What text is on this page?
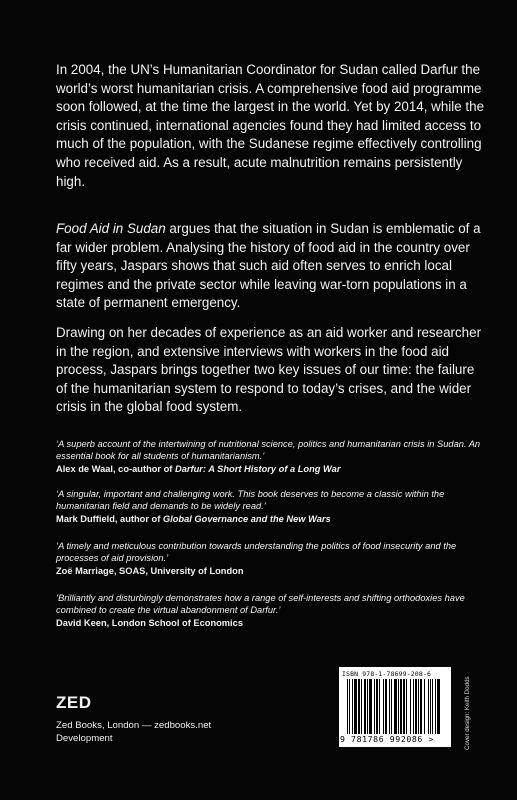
In 2004, the UN’s Humanitarian Coordinator for Sudan called Darfur the world’s worst humanitarian crisis. A comprehensive food aid programme soon followed, at the time the largest in the world. Yet by 2014, while the crisis continued, international agencies found they had limited access to much of the population, with the Sudanese regime effectively controlling who received aid. As a result, acute malnutrition remains persistently high.

Food Aid in Sudan argues that the situation in Sudan is emblematic of a far wider problem. Analysing the history of food aid in the country over fifty years, Jaspars shows that such aid often serves to enrich local regimes and the private sector while leaving war-torn populations in a state of permanent emergency.

Drawing on her decades of experience as an aid worker and researcher in the region, and extensive interviews with workers in the food aid process, Jaspars brings together two key issues of our time: the failure of the humanitarian system to respond to today’s crises, and the wider crisis in the global food system.

‘A superb account of the intertwining of nutritional science, politics and humanitarian crisis in Sudan. An essential book for all students of humanitarianism.’
Alex de Waal, co-author of Darfur: A Short History of a Long War
‘A singular, important and challenging work. This book deserves to become a classic within the humanitarian field and demands to be widely read.’
Mark Duffield, author of Global Governance and the New Wars
‘A timely and meticulous contribution towards understanding the politics of food insecurity and the processes of aid provision.’
Zoë Marriage, SOAS, University of London
‘Brilliantly and disturbingly demonstrates how a range of self-interests and shifting orthodoxies have combined to create the virtual abandonment of Darfur.’
David Keen, London School of Economics
ZED
Zed Books, London — zedbooks.net
Development
ISBN 978-1-78699-208-6
9 781786 992086 >	Cover design: Keith Dodds
